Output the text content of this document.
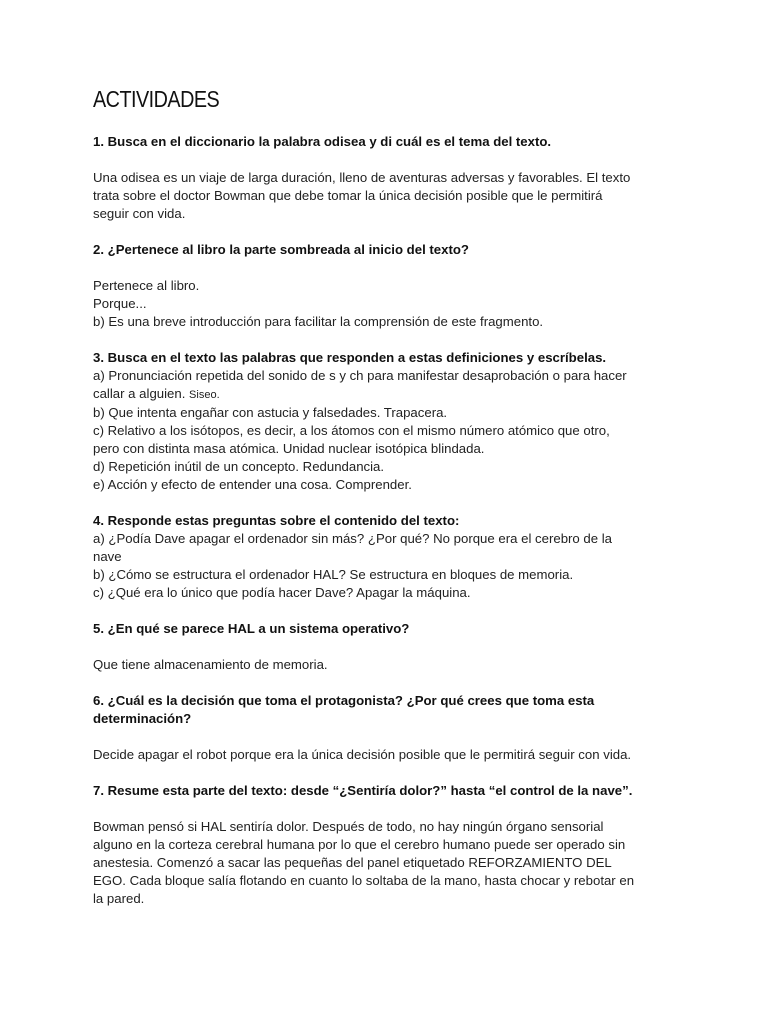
ACTIVIDADES

1. Busca en el diccionario la palabra odisea y di cuál es el tema del texto.

Una odisea es un viaje de larga duración, lleno de aventuras adversas y favorables. El texto

trata sobre el doctor Bowman que debe tomar la única decisión posible que le permitirá

seguir con vida.

2. ¿Pertenece al libro la parte sombreada al inicio del texto?

Pertenece al libro.

Porque...

b) Es una breve introducción para facilitar la comprensión de este fragmento.

3. Busca en el texto las palabras que responden a estas definiciones y escríbelas.

a) Pronunciación repetida del sonido de s y ch para manifestar desaprobación o para hacer

callar a alguien. Siseo.

b) Que intenta engañar con astucia y falsedades. Trapacera.

c) Relativo a los isótopos, es decir, a los átomos con el mismo número atómico que otro,

pero con distinta masa atómica. Unidad nuclear isotópica blindada.

d) Repetición inútil de un concepto. Redundancia.

e) Acción y efecto de entender una cosa. Comprender.

4. Responde estas preguntas sobre el contenido del texto:

a) ¿Podía Dave apagar el ordenador sin más? ¿Por qué? No porque era el cerebro de la

nave

b) ¿Cómo se estructura el ordenador HAL? Se estructura en bloques de memoria.

c) ¿Qué era lo único que podía hacer Dave? Apagar la máquina.

5. ¿En qué se parece HAL a un sistema operativo?

Que tiene almacenamiento de memoria.

6. ¿Cuál es la decisión que toma el protagonista? ¿Por qué crees que toma esta

determinación?

Decide apagar el robot porque era la única decisión posible que le permitirá seguir con vida.

7. Resume esta parte del texto: desde “¿Sentiría dolor?” hasta “el control de la nave”.

Bowman pensó si HAL sentiría dolor. Después de todo, no hay ningún órgano sensorial

alguno en la corteza cerebral humana por lo que el cerebro humano puede ser operado sin

anestesia. Comenzó a sacar las pequeñas del panel etiquetado REFORZAMIENTO DEL

EGO. Cada bloque salía flotando en cuanto lo soltaba de la mano, hasta chocar y rebotar en

la pared.
